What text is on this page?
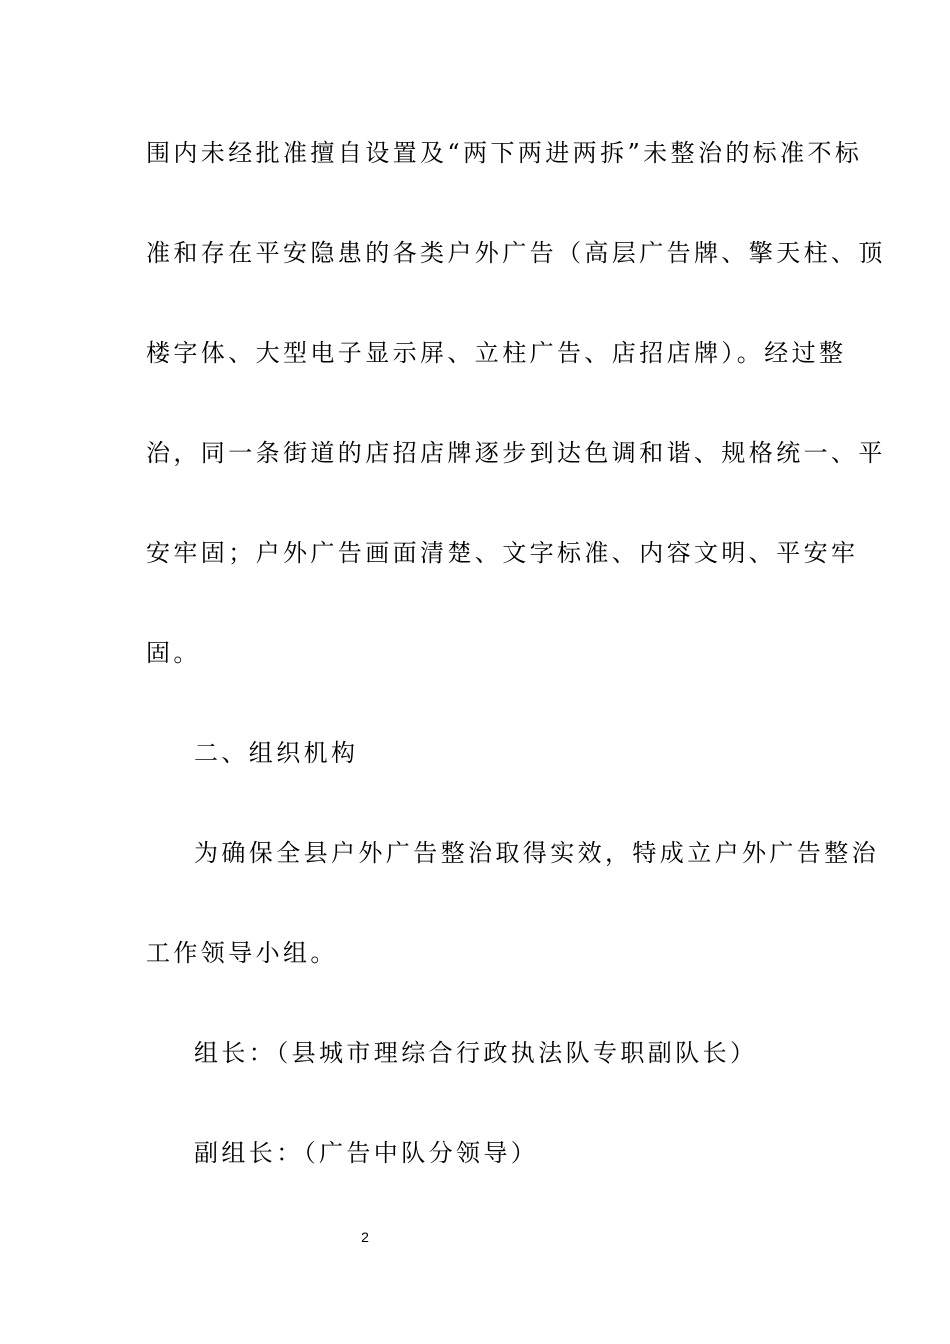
围内未经批准擅自设置及“两下两进两拆”未整治的标准不标
准和存在平安隐患的各类户外广告（高层广告牌、擎天柱、顶
楼字体、大型电子显示屏、立柱广告、店招店牌）。经过整
治，同一条街道的店招店牌逐步到达色调和谐、规格统一、平
安牢固；户外广告画面清楚、文字标准、内容文明、平安牢
固。
二、组织机构
为确保全县户外广告整治取得实效，特成立户外广告整治
工作领导小组。
组长：（县城市理综合行政执法队专职副队长）
副组长：（广告中队分领导）
2
